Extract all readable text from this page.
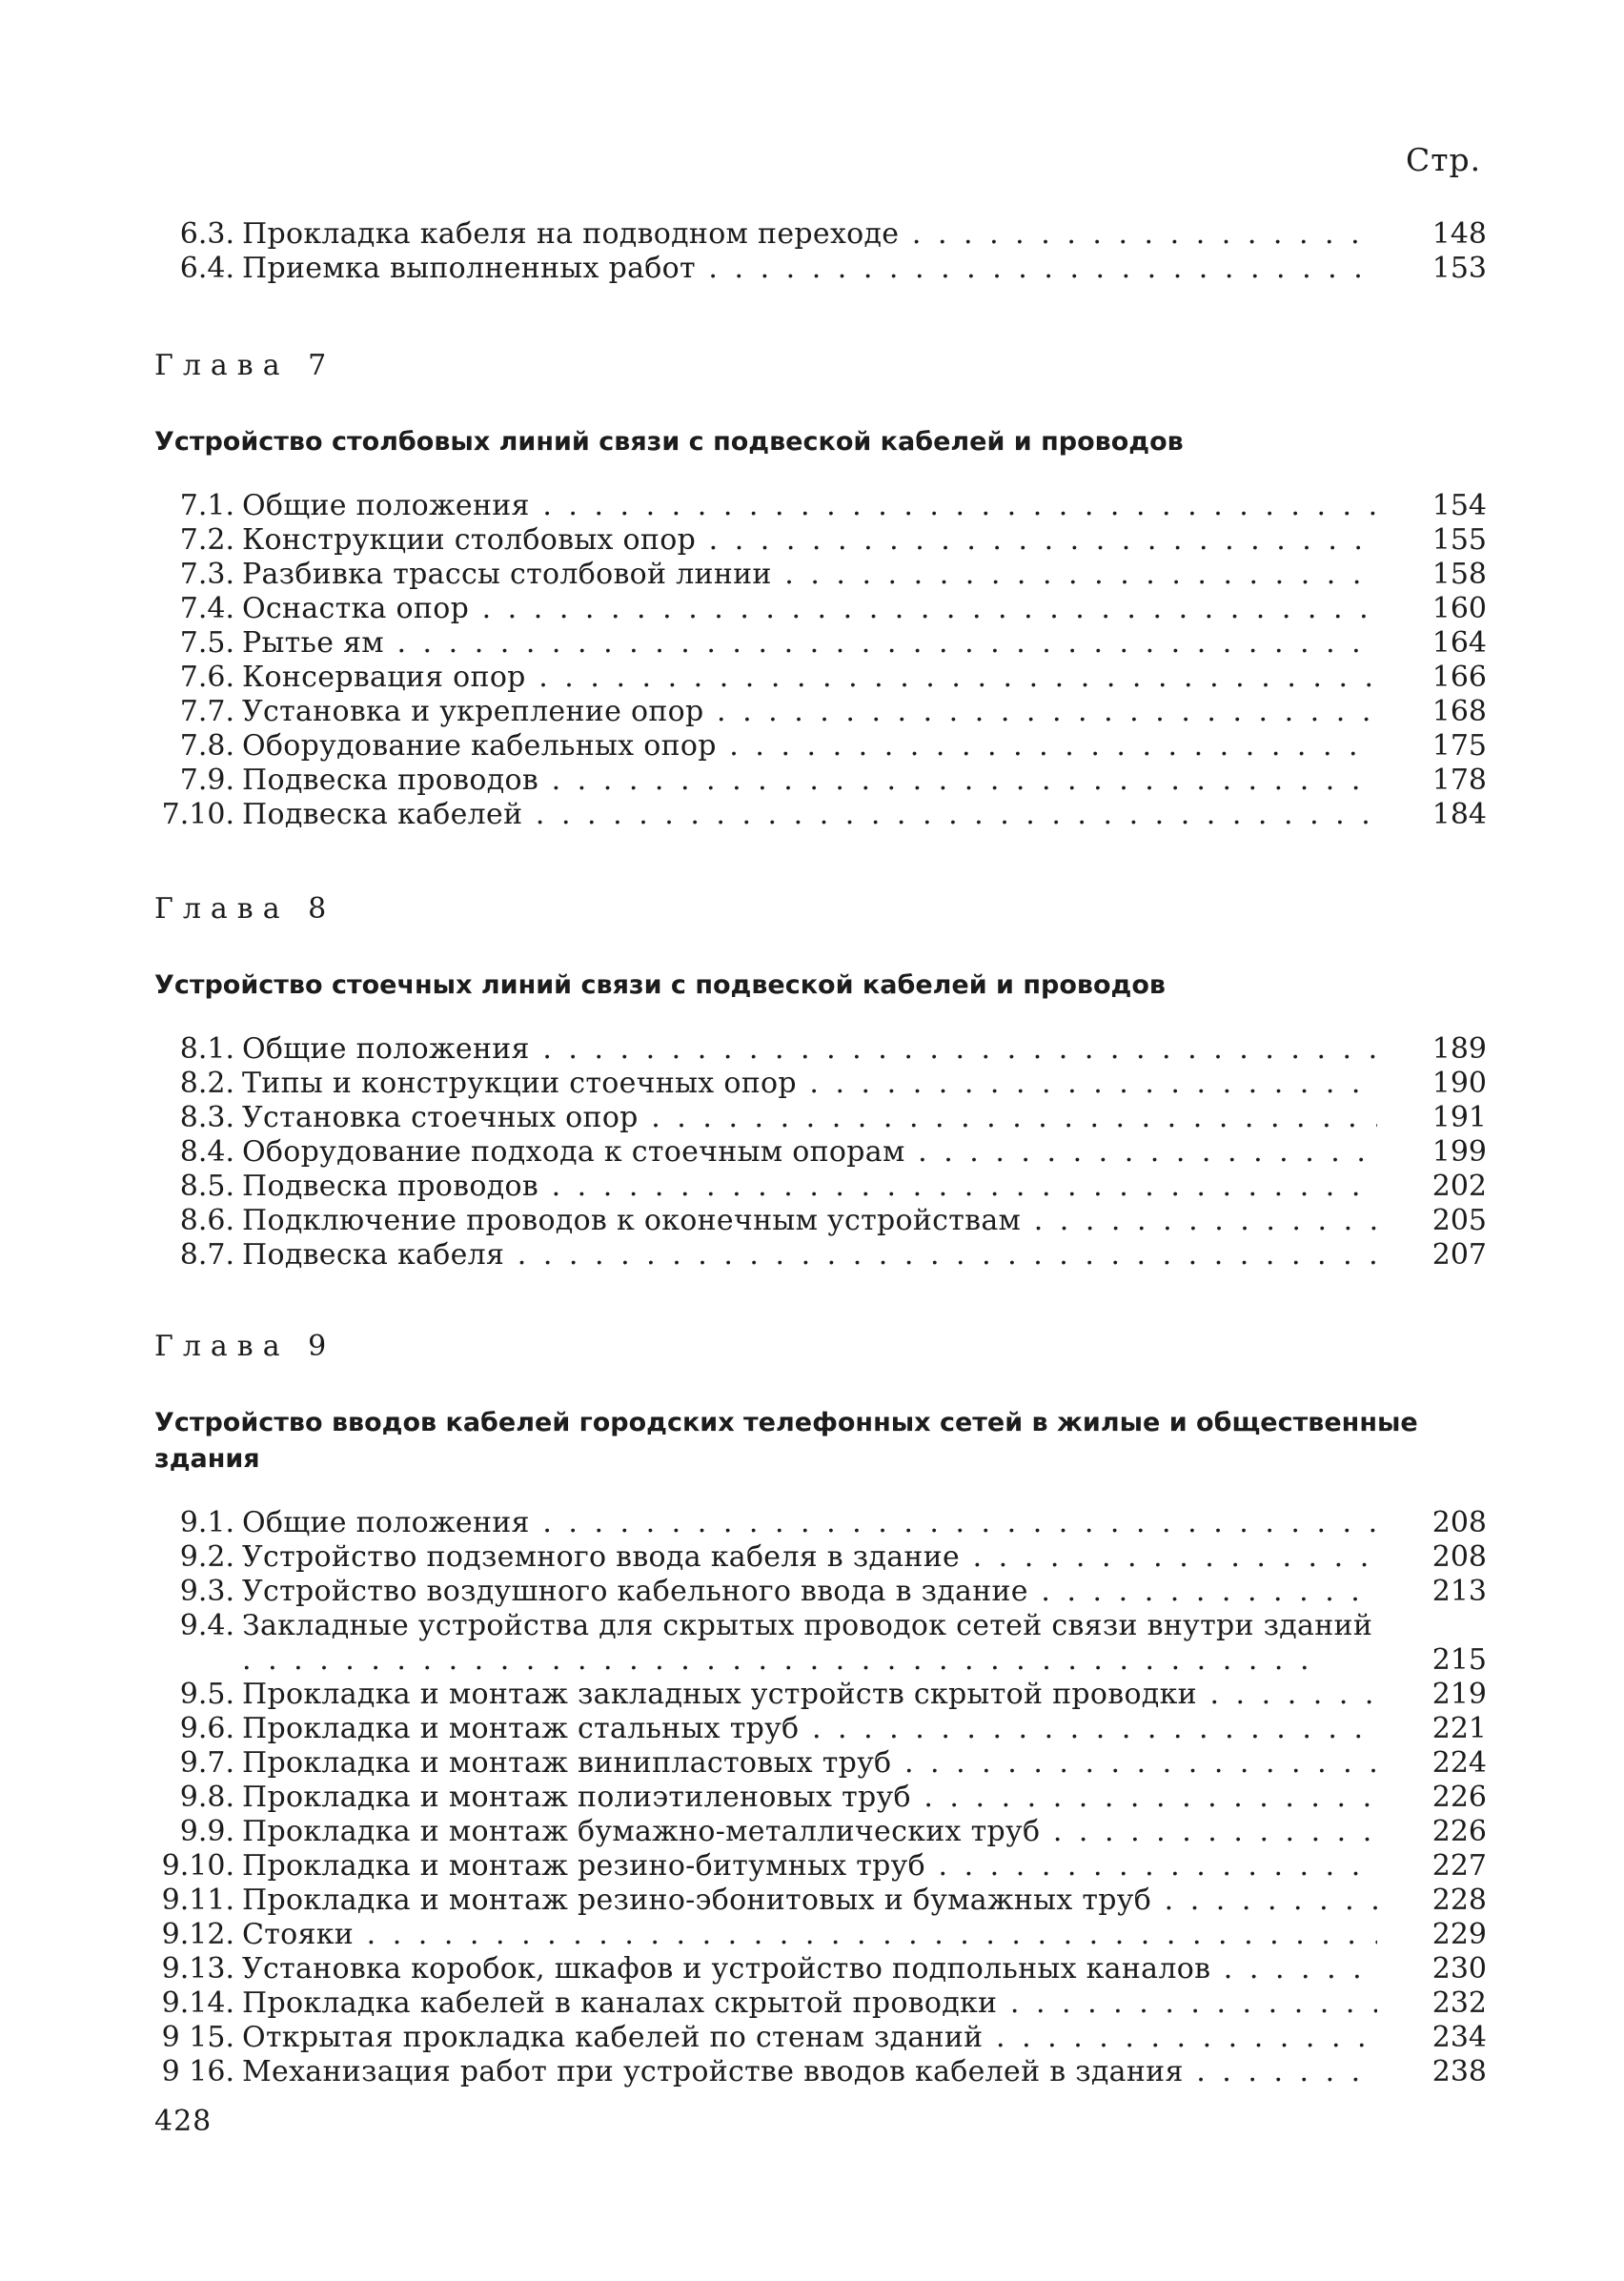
Стр.
6.3. Прокладка кабеля на подводном переходе . .	148
6.4. Приемка выполненных работ . .	153
Глава 7
Устройство столбовых линий связи с подвеской кабелей и проводов
7.1. Общие положения . .	154
7.2. Конструкции столбовых опор . .	155
7.3. Разбивка трассы столбовой линии . .	158
7.4. Оснастка опор . .	160
7.5. Рытье ям . .	164
7.6. Консервация опор . .	166
7.7. Установка и укрепление опор . .	168
7.8. Оборудование кабельных опор . .	175
7.9. Подвеска проводов . .	178
7.10. Подвеска кабелей . .	184
Глава 8
Устройство стоечных линий связи с подвеской кабелей и проводов
8.1. Общие положения . .	189
8.2. Типы и конструкции стоечных опор . .	190
8.3. Установка стоечных опор . .	191
8.4. Оборудование подхода к стоечным опорам . .	199
8.5. Подвеска проводов . .	202
8.6. Подключение проводов к оконечным устройствам . .	205
8.7. Подвеска кабеля . .	207
Глава 9
Устройство вводов кабелей городских телефонных сетей в жилые и общественные здания
9.1. Общие положения . .	208
9.2. Устройство подземного ввода кабеля в здание . .	208
9.3. Устройство воздушного кабельного ввода в здание . .	213
9.4. Закладные устройства для скрытых проводок сетей связи внутри зданий . .
215
9.5. Прокладка и монтаж закладных устройств скрытой проводки . .	219
9.6. Прокладка и монтаж стальных труб . .	221
9.7. Прокладка и монтаж винипластовых труб . .	224
9.8. Прокладка и монтаж полиэтиленовых труб . .	226
9.9. Прокладка и монтаж бумажно-металлических труб . .	226
9.10. Прокладка и монтаж резино-битумных труб . .	227
9.11. Прокладка и монтаж резино-эбонитовых и бумажных труб . .	228
9.12. Стояки . .	229
9.13. Установка коробок, шкафов и устройство подпольных каналов . .	230
9.14. Прокладка кабелей в каналах скрытой проводки . .	232
9 15. Открытая прокладка кабелей по стенам зданий . .	234
9 16. Механизация работ при устройстве вводов кабелей в здания . .	238
428
